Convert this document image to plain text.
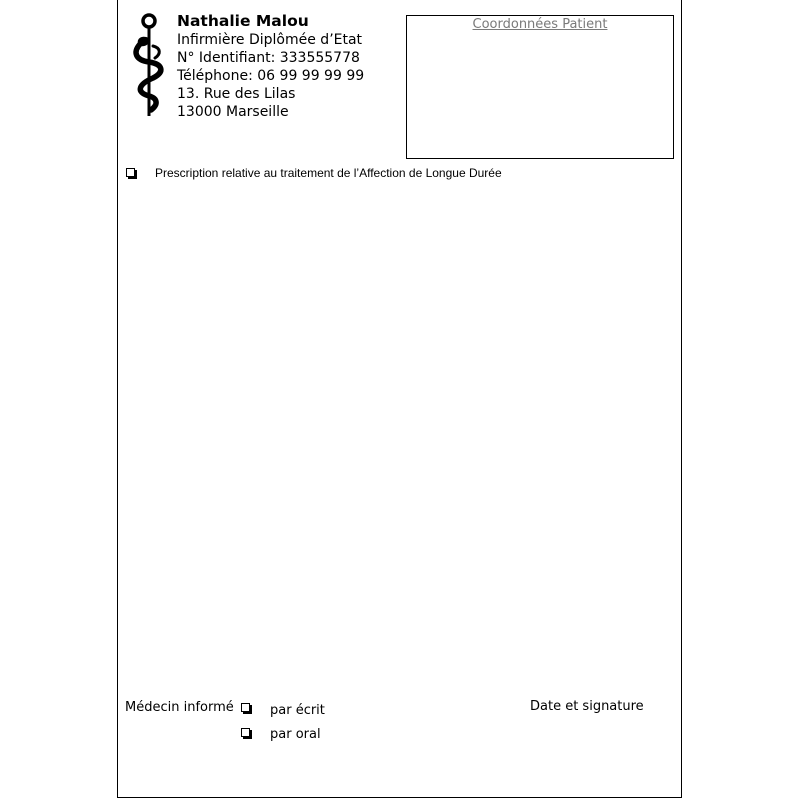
Nathalie Malou
Infirmière Diplômée d’Etat
N° Identifiant: 333555778
Téléphone: 06 99 99 99 99
13. Rue des Lilas
13000 Marseille
Coordonnées Patient
Prescription relative au traitement de l’Affection de Longue Durée
Médecin informé	par écrit
par oral
Date et signature
